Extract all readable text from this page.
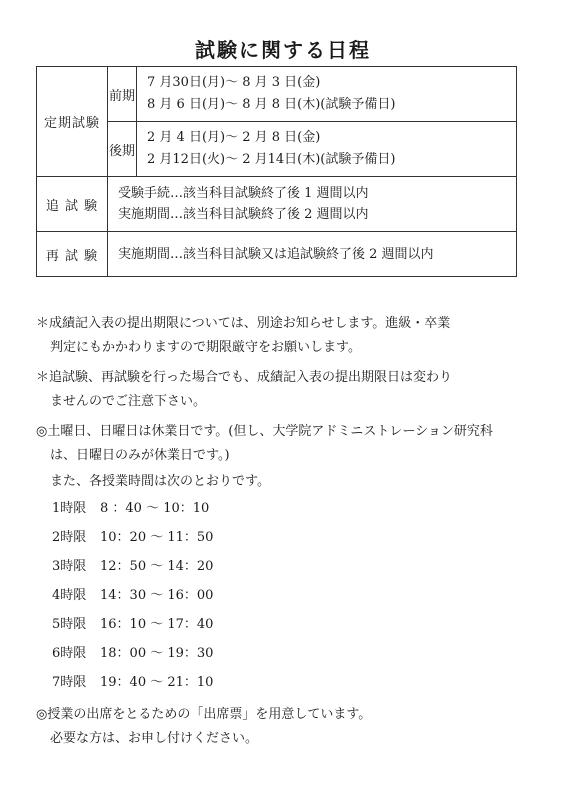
試験に関する日程
定期試験	前期	7 月30日(月)〜 8 月 3 日(金)
8 月 6 日(月)〜 8 月 8 日(木)(試験予備日)

	後期	2 月 4 日(月)〜 2 月 8 日(金)
2 月12日(火)〜 2 月14日(木)(試験予備日)

追 試 験	受験手続…該当科目試験終了後 1 週間以内
実施期間…該当科目試験終了後 2 週間以内	

再 試 験	実施期間…該当科目試験又は追試験終了後 2 週間以内	
＊成績記入表の提出期限については、別途お知らせします。進級・卒業
判定にもかかわりますので期限厳守をお願いします。
＊追試験、再試験を行った場合でも、成績記入表の提出期限日は変わり
ませんのでご注意下さい。
◎土曜日、日曜日は休業日です。(但し、大学院アドミニストレーション研究科
は、日曜日のみが休業日です。)
また、各授業時間は次のとおりです。
1時限 8 ：40 〜 10：10
2時限 10：20 〜 11：50
3時限 12：50 〜 14：20
4時限 14：30 〜 16：00
5時限 16：10 〜 17：40
6時限 18：00 〜 19：30
7時限 19：40 〜 21：10
◎授業の出席をとるための「出席票」を用意しています。
必要な方は、お申し付けください。
